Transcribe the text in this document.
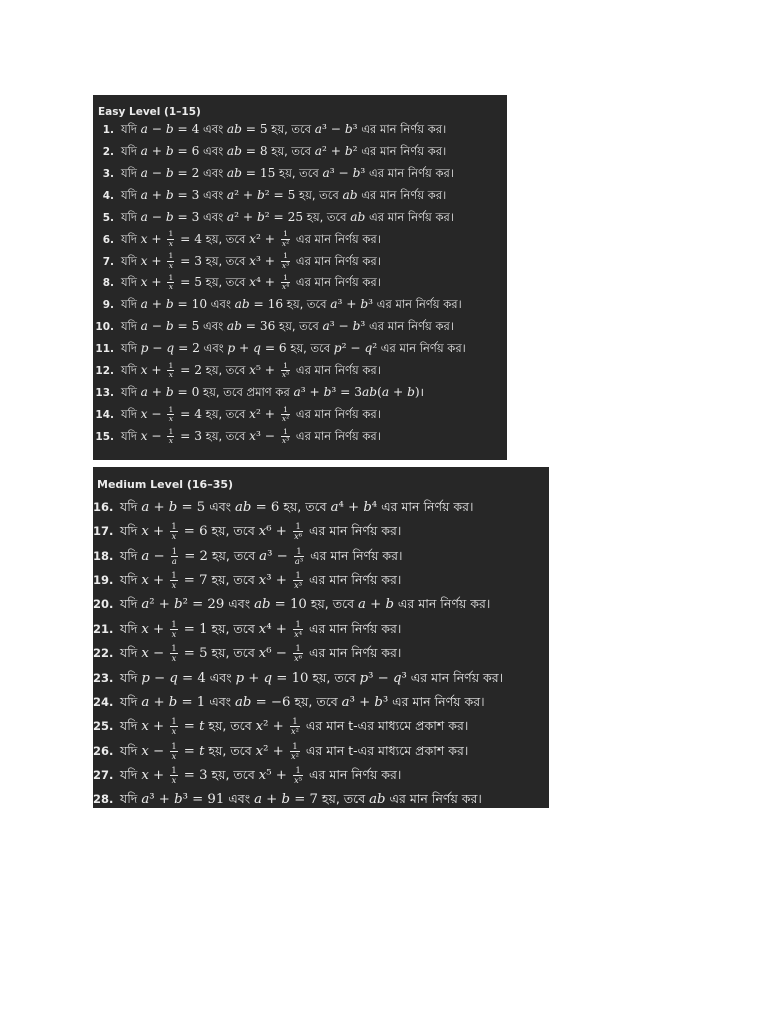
Easy Level (1–15)
1. যদি a − b = 4 এবং ab = 5 হয়, তবে a³ − b³ এর মান নির্ণয় কর।
2. যদি a + b = 6 এবং ab = 8 হয়, তবে a² + b² এর মান নির্ণয় কর।
3. যদি a − b = 2 এবং ab = 15 হয়, তবে a³ − b³ এর মান নির্ণয় কর।
4. যদি a + b = 3 এবং a² + b² = 5 হয়, তবে ab এর মান নির্ণয় কর।
5. যদি a − b = 3 এবং a² + b² = 25 হয়, তবে ab এর মান নির্ণয় কর।
6. যদি $x + \frac{1}{x} = 4$ হয়, তবে $x^2 + \frac{1}{\text{x²}}$ এর মান নির্ণয় কর।
7. যদি $x + \frac{1}{x} = 3$ হয়, তবে $x^3 + \frac{1}{\text{x³}}$ এর মান নির্ণয় কর।
8. যদি $x + \frac{1}{x} = 5$ হয়, তবে $x^4 + \frac{1}{\text{x⁴}}$ এর মান নির্ণয় কর।
9. যদি a + b = 10 এবং ab = 16 হয়, তবে a³ + b³ এর মান নির্ণয় কর।
10. যদি a − b = 5 এবং ab = 36 হয়, তবে a³ − b³ এর মান নির্ণয় কর।
11. যদি p − q = 2 এবং p + q = 6 হয়, তবে p² − q² এর মান নির্ণয় কর।
12. যদি $x + \frac{1}{x} = 2$ হয়, তবে $x^5 + \frac{1}{\text{x⁵}}$ এর মান নির্ণয় কর।
13. যদি a + b = 0 হয়, তবে প্রমাণ কর a³ + b³ = 3ab(a + b)।
14. যদি $x - \frac{1}{x} = 4$ হয়, তবে $x^2 + \frac{1}{\text{x²}}$ এর মান নির্ণয় কর।
15. যদি $x - \frac{1}{x} = 3$ হয়, তবে $x^3 - \frac{1}{\text{x³}}$ এর মান নির্ণয় কর।
Medium Level (16–35)
16. যদি a + b = 5 এবং ab = 6 হয়, তবে a⁴ + b⁴ এর মান নির্ণয় কর।
17. যদি $x + \frac{1}{x} = 6$ হয়, তবে $x^6 + \frac{1}{\text{x⁶}}$ এর মান নির্ণয় কর।
18. যদি $a - \frac{1}{a} = 2$ হয়, তবে $a^3 - \frac{1}{\text{a³}}$ এর মান নির্ণয় কর।
19. যদি $x + \frac{1}{x} = 7$ হয়, তবে $x^3 + \frac{1}{\text{x³}}$ এর মান নির্ণয় কর।
20. যদি a² + b² = 29 এবং ab = 10 হয়, তবে a + b এর মান নির্ণয় কর।
21. যদি $x + \frac{1}{x} = 1$ হয়, তবে $x^4 + \frac{1}{\text{x⁴}}$ এর মান নির্ণয় কর।
22. যদি $x - \frac{1}{x} = 5$ হয়, তবে $x^6 - \frac{1}{\text{x⁶}}$ এর মান নির্ণয় কর।
23. যদি p − q = 4 এবং p + q = 10 হয়, তবে p³ − q³ এর মান নির্ণয় কর।
24. যদি a + b = 1 এবং ab = −6 হয়, তবে a³ + b³ এর মান নির্ণয় কর।
25. যদি $x + \frac{1}{x} = t$ হয়, তবে $x^2 + \frac{1}{\text{x²}}$ এর মান t-এর মাধ্যমে প্রকাশ কর।
26. যদি $x - \frac{1}{x} = t$ হয়, তবে $x^2 + \frac{1}{\text{x²}}$ এর মান t-এর মাধ্যমে প্রকাশ কর।
27. যদি $x + \frac{1}{x} = 3$ হয়, তবে $x^5 + \frac{1}{\text{x⁵}}$ এর মান নির্ণয় কর।
28. যদি a³ + b³ = 91 এবং a + b = 7 হয়, তবে ab এর মান নির্ণয় কর।
